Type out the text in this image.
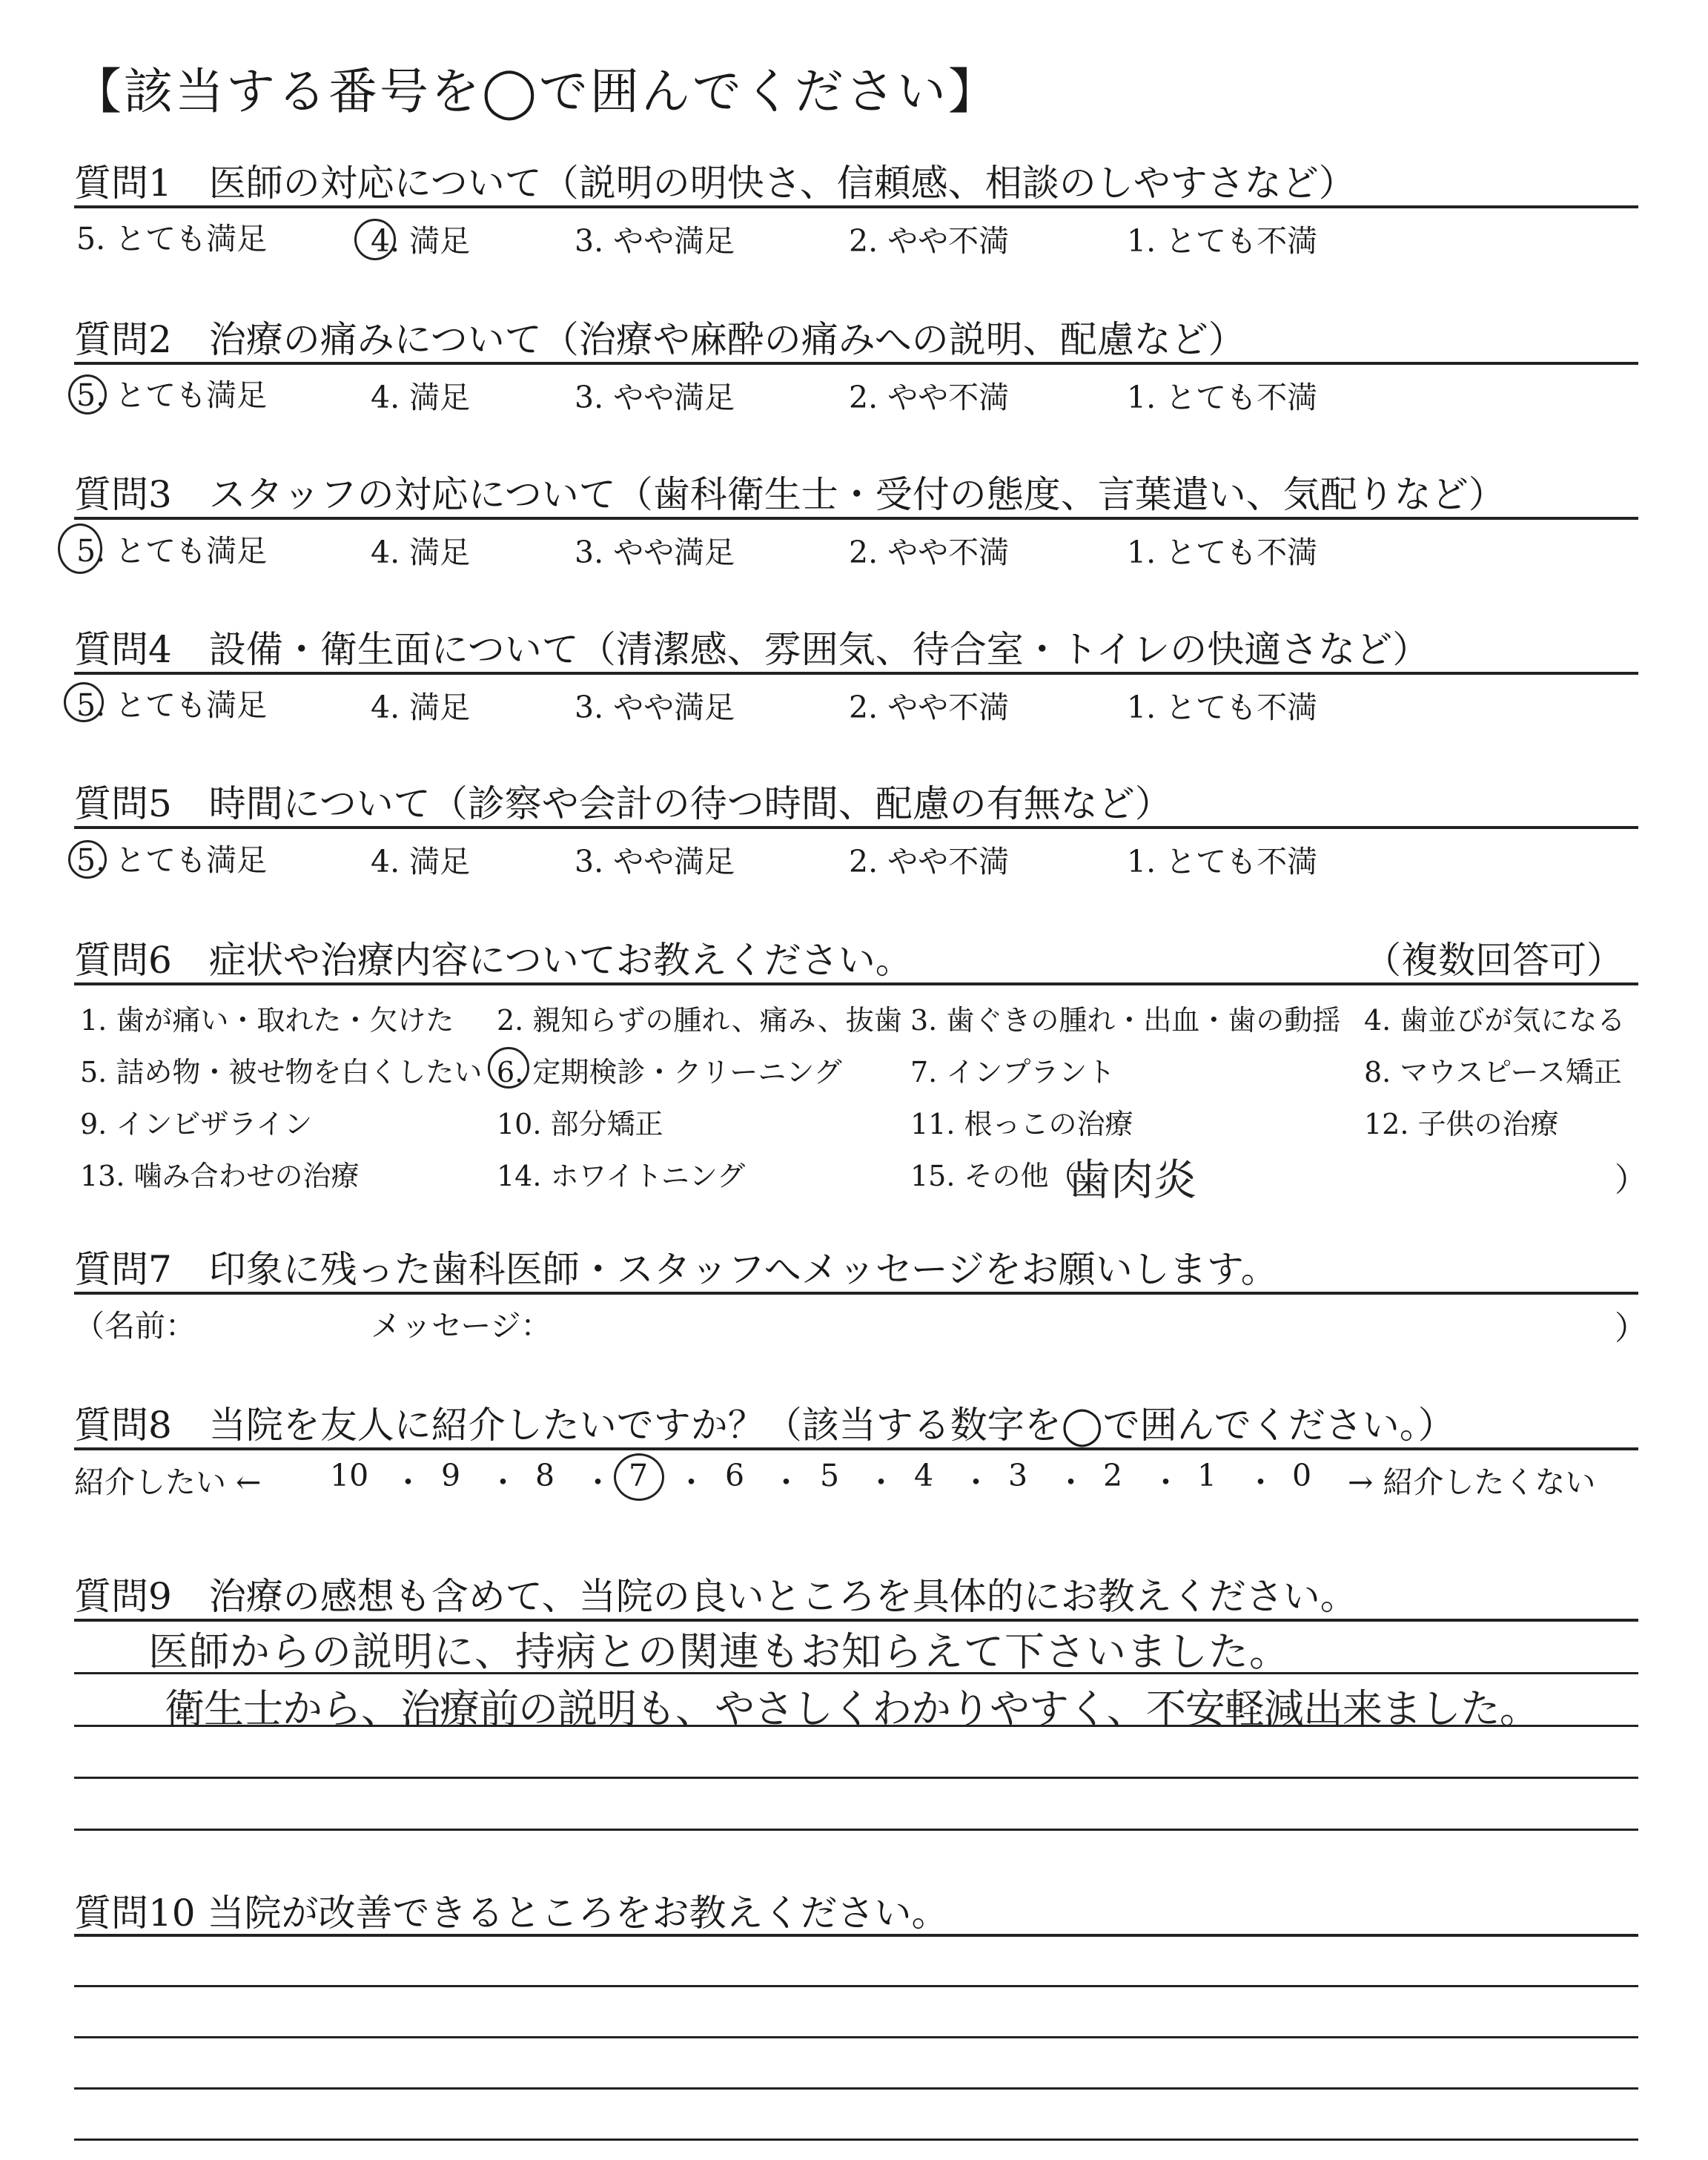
【該当する番号を◯で囲んでください】
質問1　医師の対応について（説明の明快さ、信頼感、相談のしやすさなど）
5. とても満足	4. 満足	3. やや満足	2. やや不満	1. とても不満
質問2　治療の痛みについて（治療や麻酔の痛みへの説明、配慮など）
5. とても満足	4. 満足	3. やや満足	2. やや不満	1. とても不満
質問3　スタッフの対応について（歯科衛生士・受付の態度、言葉遣い、気配りなど）
5. とても満足	4. 満足	3. やや満足	2. やや不満	1. とても不満
質問4　設備・衛生面について（清潔感、雰囲気、待合室・トイレの快適さなど）
5. とても満足	4. 満足	3. やや満足	2. やや不満	1. とても不満
質問5　時間について（診察や会計の待つ時間、配慮の有無など）
5. とても満足	4. 満足	3. やや満足	2. やや不満	1. とても不満
質問6　症状や治療内容についてお教えください。	（複数回答可）
1. 歯が痛い・取れた・欠けた 2. 親知らずの腫れ、痛み、抜歯 3. 歯ぐきの腫れ・出血・歯の動揺 4. 歯並びが気になる
5. 詰め物・被せ物を白くしたい 6. 定期検診・クリーニング 7. インプラント	8. マウスピース矯正
9. インビザライン	10. 部分矯正	11. 根っこの治療	12. 子供の治療
13. 噛み合わせの治療	14. ホワイトニング	15. その他（
歯肉炎	）
質問7　印象に残った歯科医師・スタッフへメッセージをお願いします。
（名前：	メッセージ：	）
質問8　当院を友人に紹介したいですか？（該当する数字を◯で囲んでください。）
紹介したい ←	→ 紹介したくない
10 9 8 7	6 5 4 3 2 1 0
・ ・ ・ ・ ・ ・ ・ ・ ・ ・
質問9　治療の感想も含めて、当院の良いところを具体的にお教えください。
医師からの説明に、持病との関連もお知らえて下さいました。
衛生士から、治療前の説明も、やさしくわかりやすく、不安軽減出来ました。
質問10 当院が改善できるところをお教えください。
